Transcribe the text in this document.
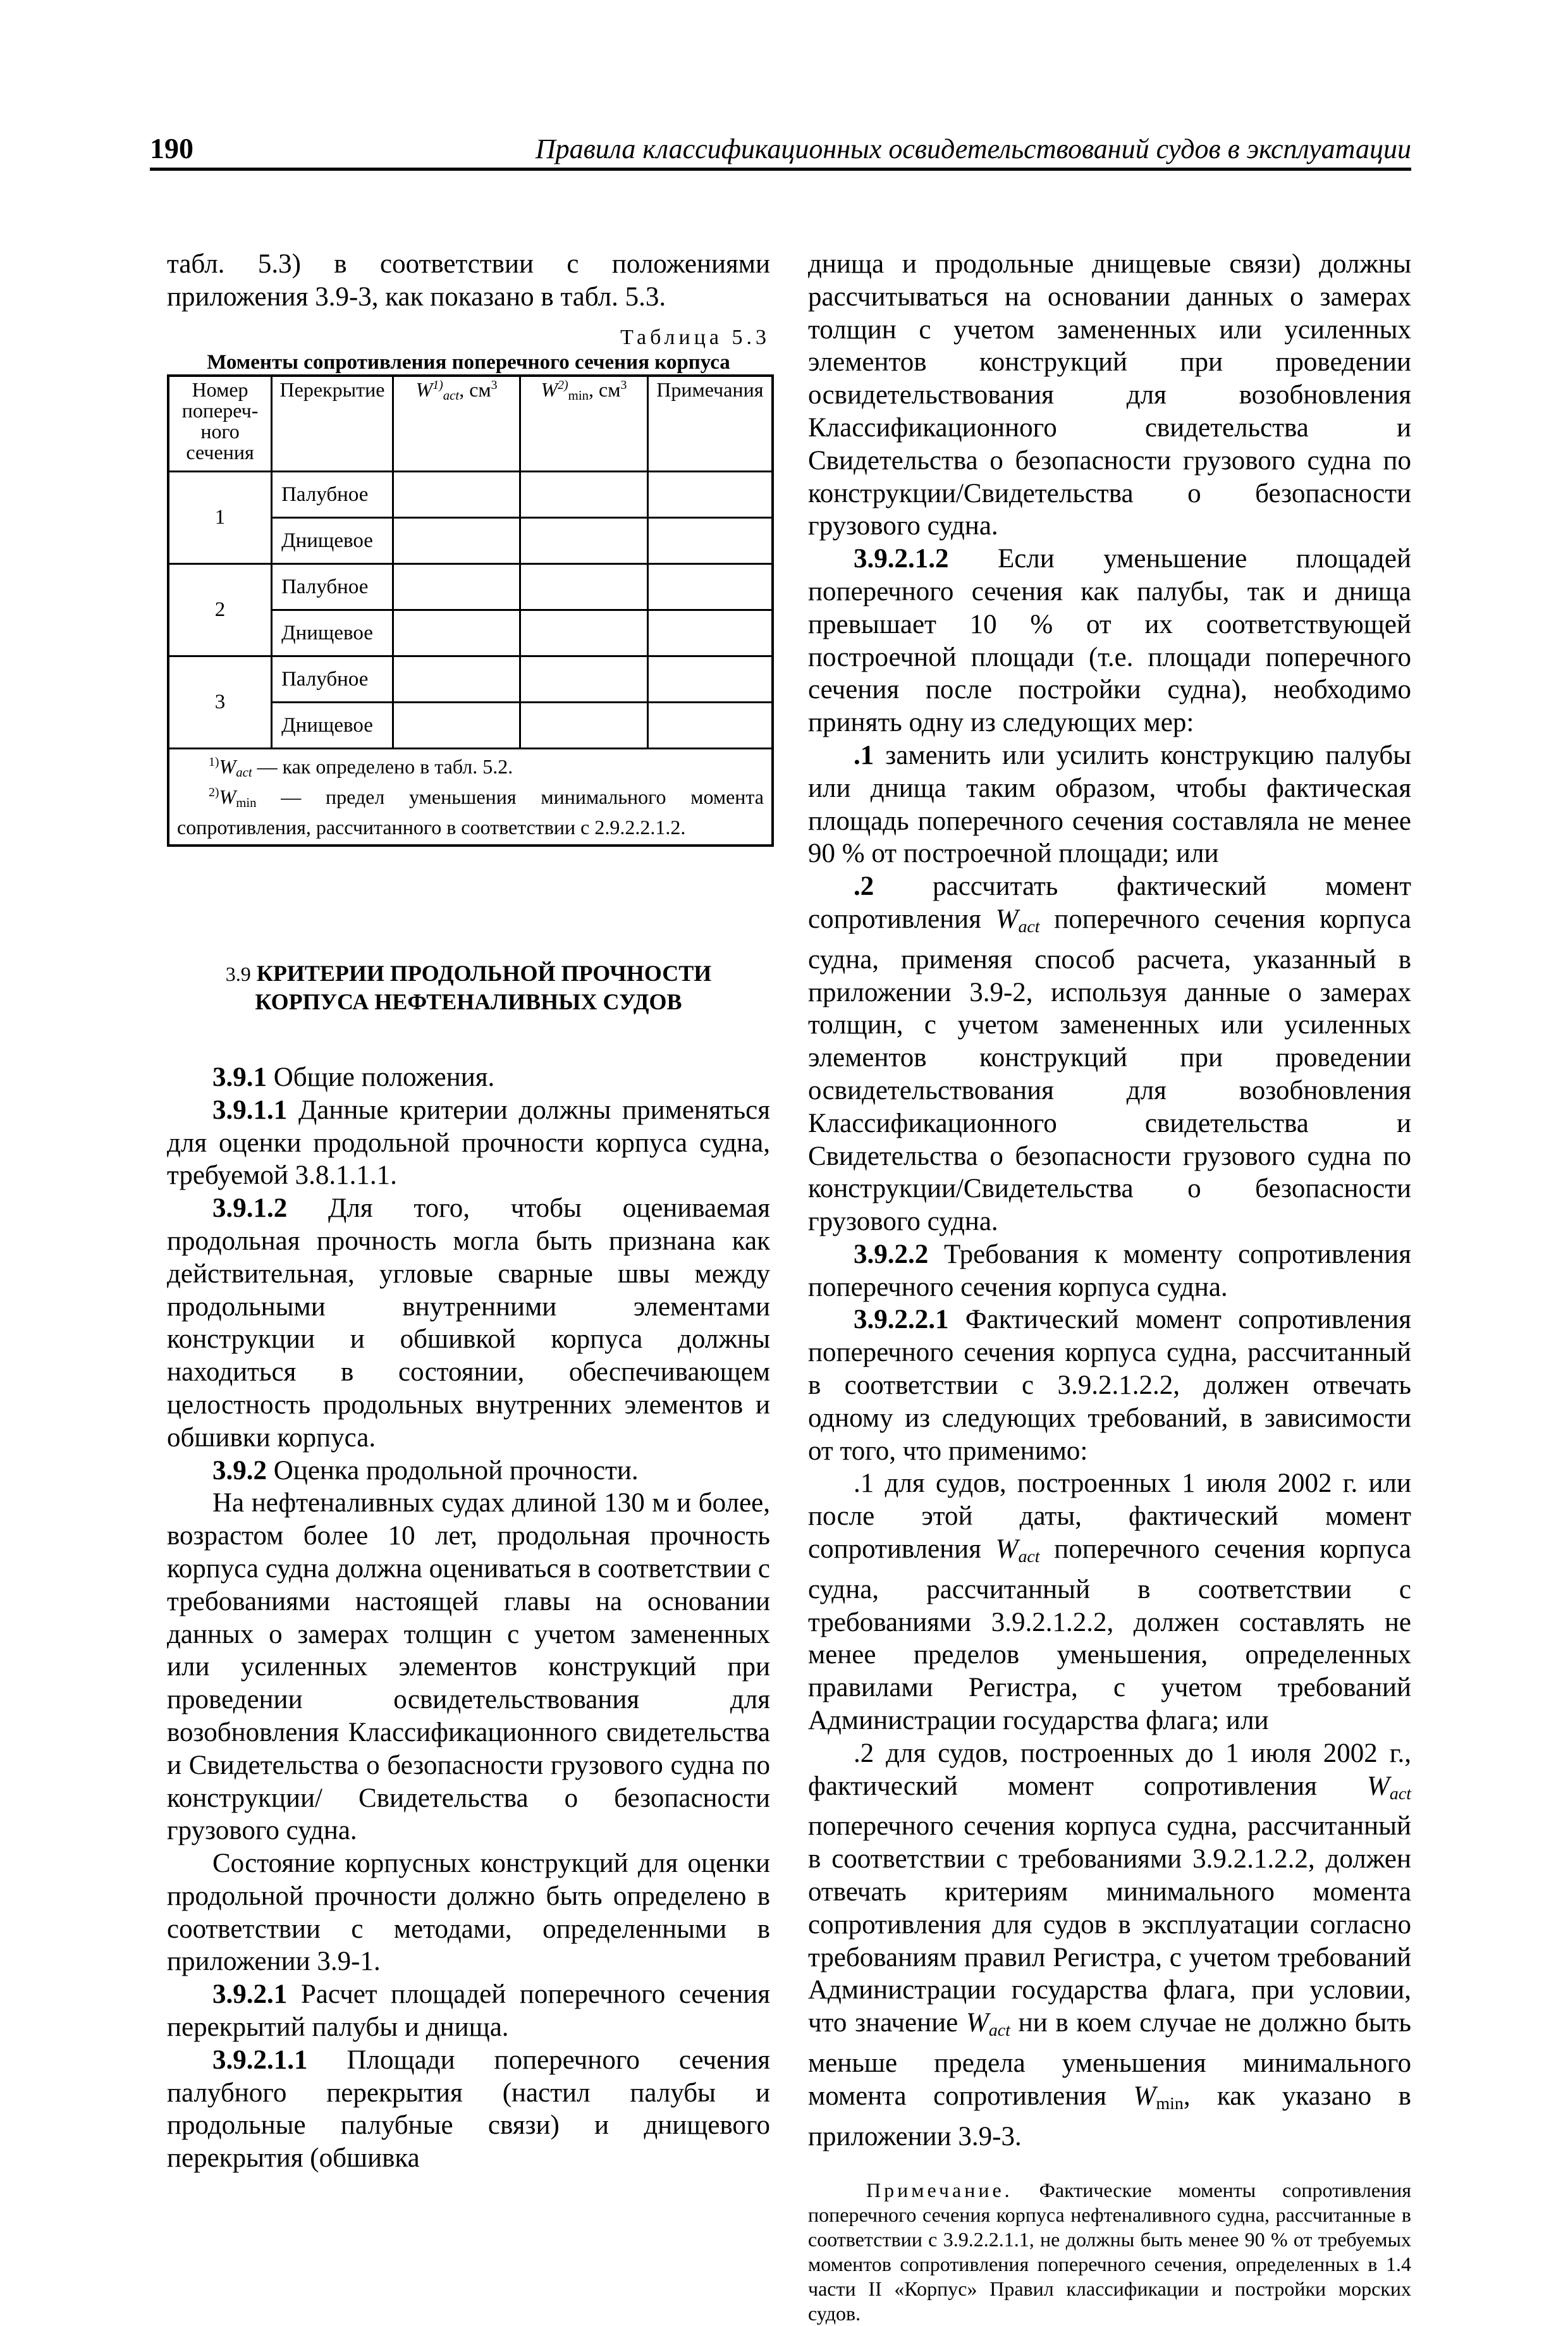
190	Правила классификационных освидетельствований судов в эксплуатации

табл. 5.3) в соответствии с положениями приложения 3.9-3, как показано в табл. 5.3.

Таблица 5.3
Моменты сопротивления поперечного сечения корпуса
Номер попереч-ного сечения	Перекрытие	$W^{1)}_{act}$, $см^3$	$W^{2)}_{min}$, $см^3$	Примечания
1	Палубное			
	Днищевое			
2	Палубное			
	Днищевое			
3	Палубное			
	Днищевое			

$^{1)}W_{act}$ — как определено в табл. 5.2.
$^{2)}W_{min}$ — предел уменьшения минимального момента сопротивления, рассчитанного в соответствии с 2.9.2.2.1.2.				
3.9 КРИТЕРИИ ПРОДОЛЬНОЙ ПРОЧНОСТИ КОРПУСА НЕФТЕНАЛИВНЫХ СУДОВ

3.9.1 Общие положения.

3.9.1.1 Данные критерии должны применяться для оценки продольной прочности корпуса судна, требуемой 3.8.1.1.1.

3.9.1.2 Для того, чтобы оцениваемая продольная прочность могла быть признана как действительная, угловые сварные швы между продольными внутренними элементами конструкции и обшивкой корпуса должны находиться в состоянии, обеспечивающем целостность продольных внутренних элементов и обшивки корпуса.

3.9.2 Оценка продольной прочности.

На нефтеналивных судах длиной 130 м и более, возрастом более 10 лет, продольная прочность корпуса судна должна оцениваться в соответствии с требованиями настоящей главы на основании данных о замерах толщин с учетом замененных или усиленных элементов конструкций при проведении освидетельствования для возобновления Классификационного свидетельства и Свидетельства о безопасности грузового судна по конструкции/ Свидетельства о безопасности грузового судна.

Состояние корпусных конструкций для оценки продольной прочности должно быть определено в соответствии с методами, определенными в приложении 3.9-1.

3.9.2.1 Расчет площадей поперечного сечения перекрытий палубы и днища.

3.9.2.1.1 Площади поперечного сечения палубного перекрытия (настил палубы и продольные палубные связи) и днищевого перекрытия (обшивка

днища и продольные днищевые связи) должны рассчитываться на основании данных о замерах толщин с учетом замененных или усиленных элементов конструкций при проведении освидетельствования для возобновления Классификационного свидетельства и Свидетельства о безопасности грузового судна по конструкции/Свидетельства о безопасности грузового судна.

3.9.2.1.2 Если уменьшение площадей поперечного сечения как палубы, так и днища превышает 10 % от их соответствующей построечной площади (т.е. площади поперечного сечения после постройки судна), необходимо принять одну из следующих мер:

.1 заменить или усилить конструкцию палубы или днища таким образом, чтобы фактическая площадь поперечного сечения составляла не менее 90 % от построечной площади; или

.2 рассчитать фактический момент сопротивления $W_{act}$ поперечного сечения корпуса судна, применяя способ расчета, указанный в приложении 3.9-2, используя данные о замерах толщин, с учетом замененных или усиленных элементов конструкций при проведении освидетельствования для возобновления Классификационного свидетельства и Свидетельства о безопасности грузового судна по конструкции/Свидетельства о безопасности грузового судна.

3.9.2.2 Требования к моменту сопротивления поперечного сечения корпуса судна.

3.9.2.2.1 Фактический момент сопротивления поперечного сечения корпуса судна, рассчитанный в соответствии с 3.9.2.1.2.2, должен отвечать одному из следующих требований, в зависимости от того, что применимо:

.1 для судов, построенных 1 июля 2002 г. или после этой даты, фактический момент сопротивления $W_{act}$ поперечного сечения корпуса судна, рассчитанный в соответствии с требованиями 3.9.2.1.2.2, должен составлять не менее пределов уменьшения, определенных правилами Регистра, с учетом требований Администрации государства флага; или

.2 для судов, построенных до 1 июля 2002 г., фактический момент сопротивления $W_{act}$ поперечного сечения корпуса судна, рассчитанный в соответствии с требованиями 3.9.2.1.2.2, должен отвечать критериям минимального момента сопротивления для судов в эксплуатации согласно требованиям правил Регистра, с учетом требований Администрации государства флага, при условии, что значение $W_{act}$ ни в коем случае не должно быть меньше предела уменьшения минимального момента сопротивления $W_{min}$, как указано в приложении 3.9-3.

Примечание. Фактические моменты сопротивления поперечного сечения корпуса нефтеналивного судна, рассчитанные в соответствии с 3.9.2.2.1.1, не должны быть менее 90 % от требуемых моментов сопротивления поперечного сечения, определенных в 1.4 части II «Корпус» Правил классификации и постройки морских судов.
